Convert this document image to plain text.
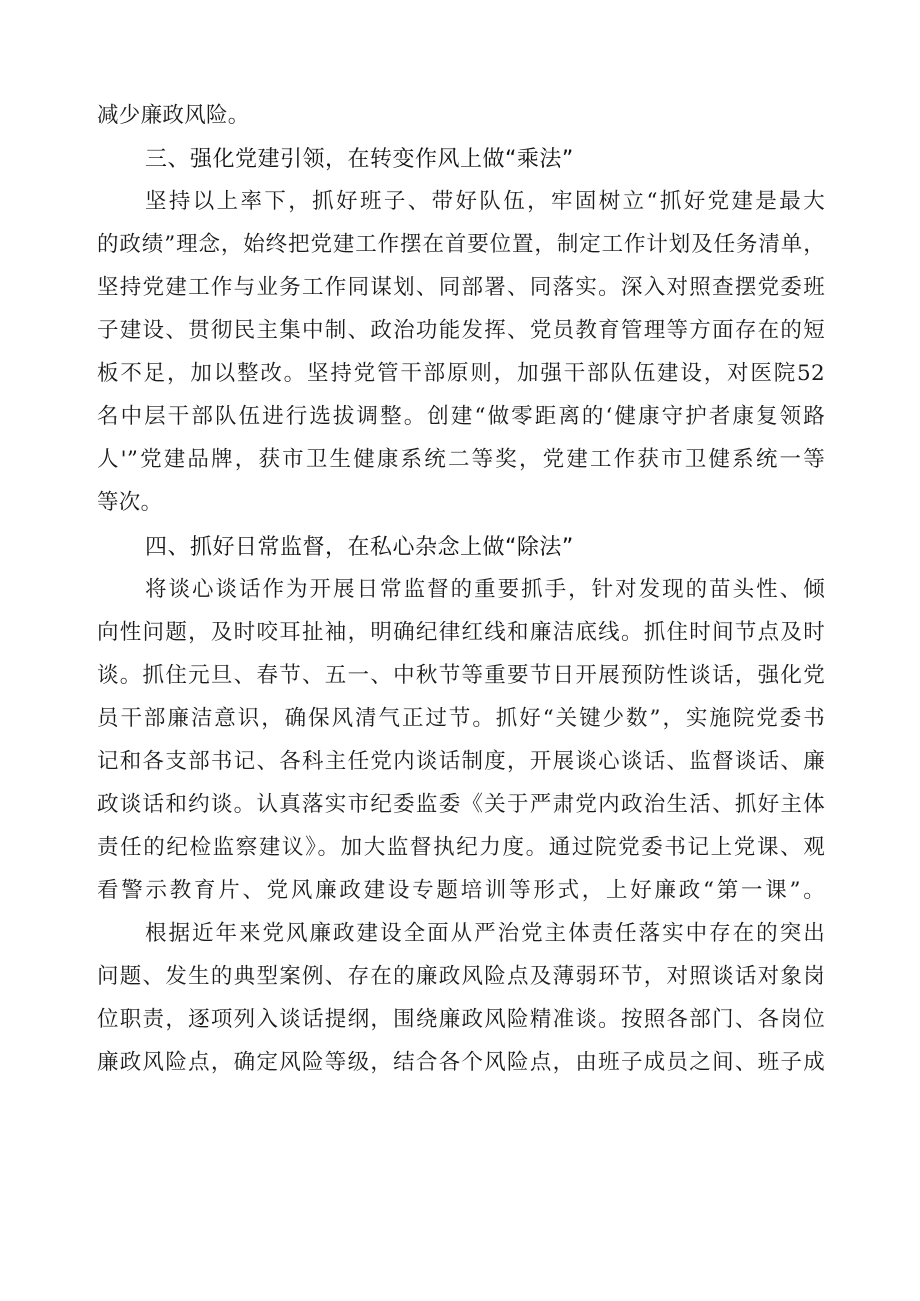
减少廉政风险。
三、强化党建引领，在转变作风上做“乘法”
坚持以上率下，抓好班子、带好队伍，牢固树立“抓好党建是最大
的政绩”理念，始终把党建工作摆在首要位置，制定工作计划及任务清单，
坚持党建工作与业务工作同谋划、同部署、同落实。深入对照查摆党委班
子建设、贯彻民主集中制、政治功能发挥、党员教育管理等方面存在的短
板不足，加以整改。坚持党管干部原则，加强干部队伍建设，对医院52
名中层干部队伍进行选拔调整。创建“做零距离的‘健康守护者康复领路
人'”党建品牌，获市卫生健康系统二等奖，党建工作获市卫健系统一等
等次。
四、抓好日常监督，在私心杂念上做“除法”
将谈心谈话作为开展日常监督的重要抓手，针对发现的苗头性、倾
向性问题，及时咬耳扯袖，明确纪律红线和廉洁底线。抓住时间节点及时
谈。抓住元旦、春节、五一、中秋节等重要节日开展预防性谈话，强化党
员干部廉洁意识，确保风清气正过节。抓好“关键少数”，实施院党委书
记和各支部书记、各科主任党内谈话制度，开展谈心谈话、监督谈话、廉
政谈话和约谈。认真落实市纪委监委《关于严肃党内政治生活、抓好主体
责任的纪检监察建议》。加大监督执纪力度。通过院党委书记上党课、观
看警示教育片、党风廉政建设专题培训等形式，上好廉政“第一课”。
根据近年来党风廉政建设全面从严治党主体责任落实中存在的突出
问题、发生的典型案例、存在的廉政风险点及薄弱环节，对照谈话对象岗
位职责，逐项列入谈话提纲，围绕廉政风险精准谈。按照各部门、各岗位
廉政风险点，确定风险等级，结合各个风险点，由班子成员之间、班子成
